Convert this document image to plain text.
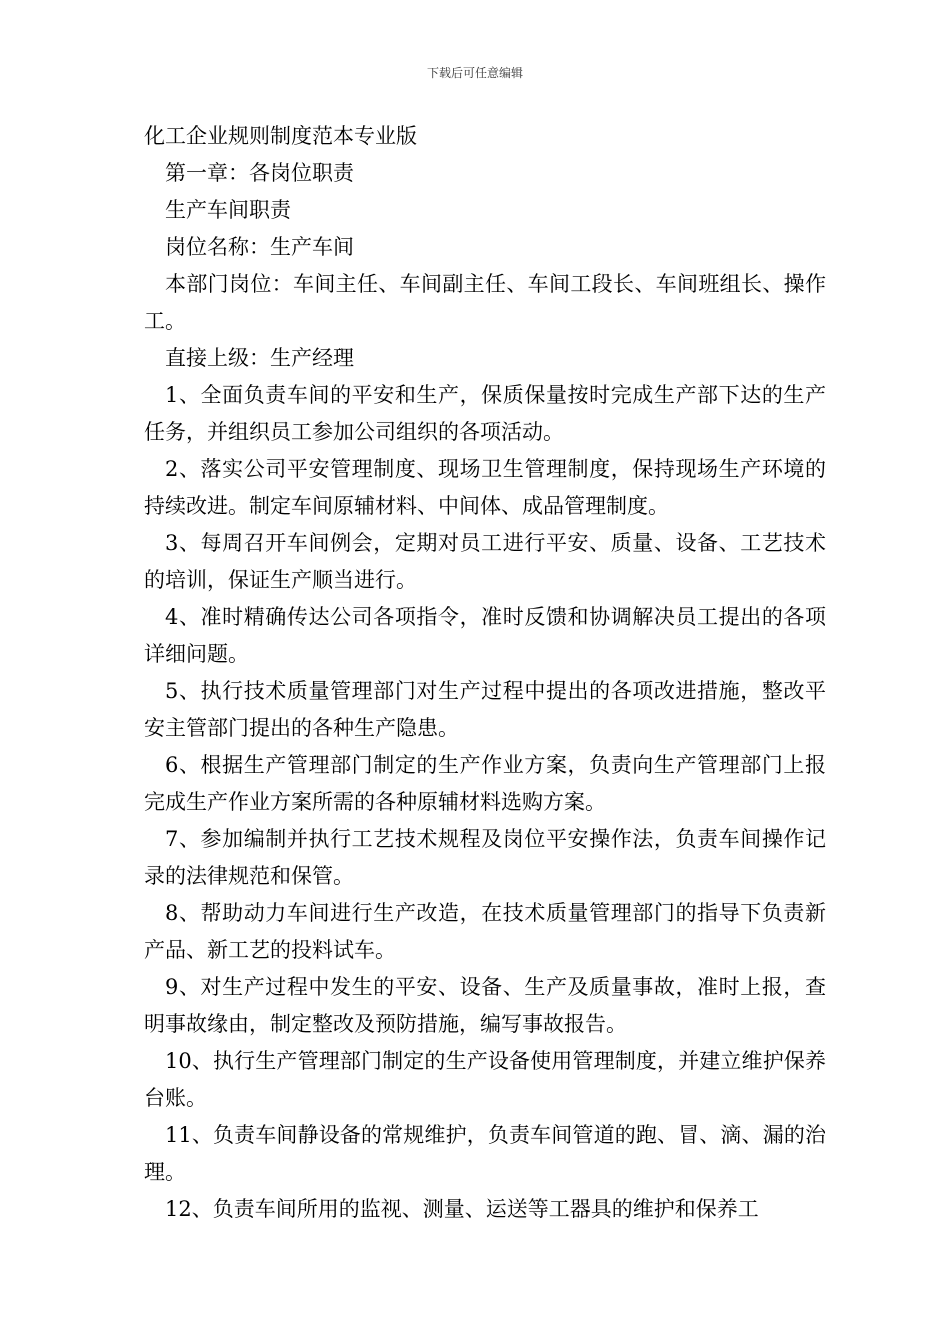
下载后可任意编辑

化工企业规则制度范本专业版

第一章：各岗位职责

生产车间职责

岗位名称：生产车间

本部门岗位：车间主任、车间副主任、车间工段长、车间班组长、操作工。

直接上级：生产经理

1、全面负责车间的平安和生产，保质保量按时完成生产部下达的生产任务，并组织员工参加公司组织的各项活动。

2、落实公司平安管理制度、现场卫生管理制度，保持现场生产环境的持续改进。制定车间原辅材料、中间体、成品管理制度。

3、每周召开车间例会，定期对员工进行平安、质量、设备、工艺技术的培训，保证生产顺当进行。

4、准时精确传达公司各项指令，准时反馈和协调解决员工提出的各项详细问题。

5、执行技术质量管理部门对生产过程中提出的各项改进措施，整改平安主管部门提出的各种生产隐患。

6、根据生产管理部门制定的生产作业方案，负责向生产管理部门上报完成生产作业方案所需的各种原辅材料选购方案。

7、参加编制并执行工艺技术规程及岗位平安操作法，负责车间操作记录的法律规范和保管。

8、帮助动力车间进行生产改造，在技术质量管理部门的指导下负责新产品、新工艺的投料试车。

9、对生产过程中发生的平安、设备、生产及质量事故，准时上报，查明事故缘由，制定整改及预防措施，编写事故报告。

10、执行生产管理部门制定的生产设备使用管理制度，并建立维护保养台账。

11、负责车间静设备的常规维护，负责车间管道的跑、冒、滴、漏的治理。

12、负责车间所用的监视、测量、运送等工器具的维护和保养工
